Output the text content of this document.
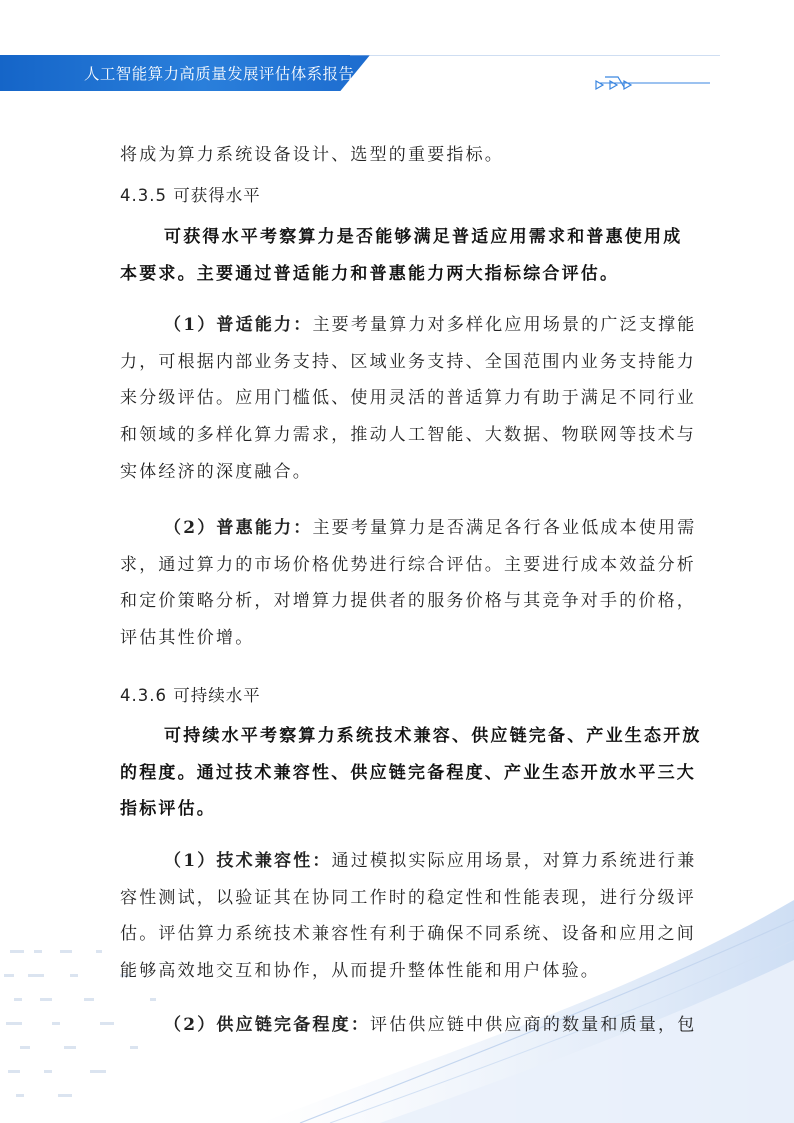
人工智能算力高质量发展评估体系报告

将成为算力系统设备设计、选型的重要指标。

4.3.5 可获得水平

可获得水平考察算力是否能够满足普适应用需求和普惠使用成
本要求。主要通过普适能力和普惠能力两大指标综合评估。

（1）普适能力：主要考量算力对多样化应用场景的广泛支撑能
力，可根据内部业务支持、区域业务支持、全国范围内业务支持能力
来分级评估。应用门槛低、使用灵活的普适算力有助于满足不同行业
和领域的多样化算力需求，推动人工智能、大数据、物联网等技术与
实体经济的深度融合。

（2）普惠能力：主要考量算力是否满足各行各业低成本使用需
求，通过算力的市场价格优势进行综合评估。主要进行成本效益分析
和定价策略分析，对增算力提供者的服务价格与其竞争对手的价格，
评估其性价增。

4.3.6 可持续水平

可持续水平考察算力系统技术兼容、供应链完备、产业生态开放
的程度。通过技术兼容性、供应链完备程度、产业生态开放水平三大
指标评估。

（1）技术兼容性：通过模拟实际应用场景，对算力系统进行兼
容性测试，以验证其在协同工作时的稳定性和性能表现，进行分级评
估。评估算力系统技术兼容性有利于确保不同系统、设备和应用之间
能够高效地交互和协作，从而提升整体性能和用户体验。

（2）供应链完备程度：评估供应链中供应商的数量和质量，包
